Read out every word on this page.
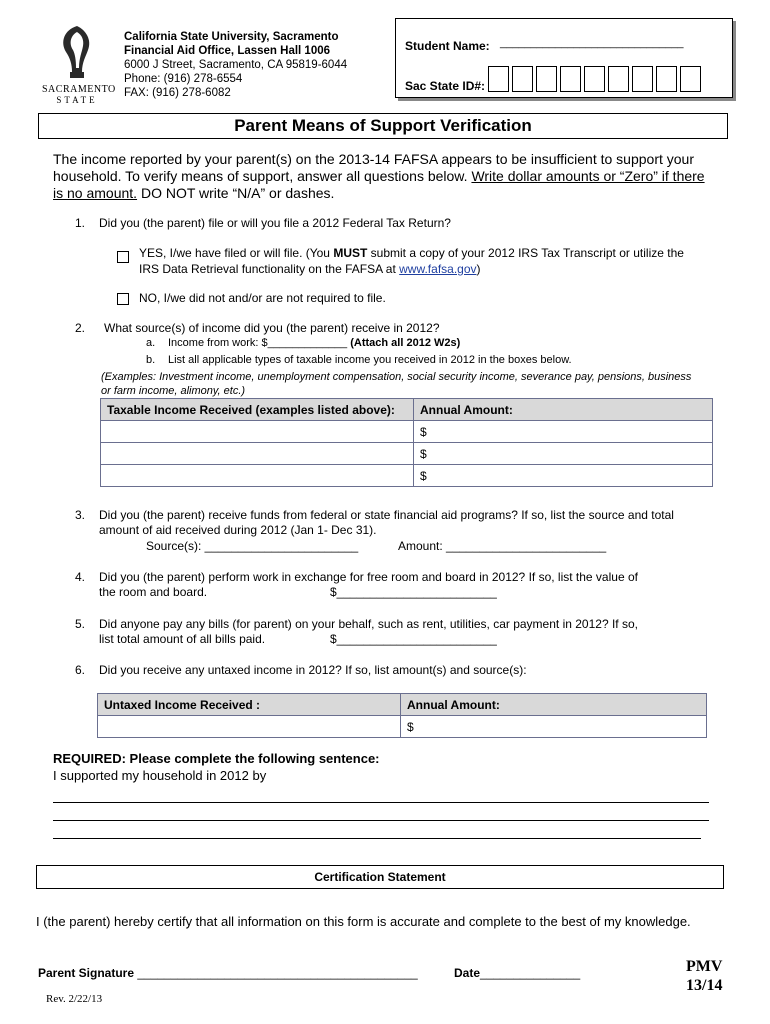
SACRAMENTO
STATE
California State University, Sacramento
Financial Aid Office, Lassen Hall 1006
6000 J Street, Sacramento, CA 95819-6044
Phone: (916) 278-6554
FAX: (916) 278-6082
Student Name: ______________________________
Sac State ID#:
Parent Means of Support Verification
The income reported by your parent(s) on the 2013-14 FAFSA appears to be insufficient to support your household. To verify means of support, answer all questions below. Write dollar amounts or “Zero” if there is no amount. DO NOT write “N/A” or dashes.
1. Did you (the parent) file or will you file a 2012 Federal Tax Return?
YES, I/we have filed or will file. (You MUST submit a copy of your 2012 IRS Tax Transcript or utilize the
IRS Data Retrieval functionality on the FAFSA at www.fafsa.gov)
NO, I/we did not and/or are not required to file.
2. What source(s) of income did you (the parent) receive in 2012?
a. Income from work: $_____________ (Attach all 2012 W2s)
b. List all applicable types of taxable income you received in 2012 in the boxes below.
(Examples: Investment income, unemployment compensation, social security income, severance pay, pensions, business or farm income, alimony, etc.)
Taxable Income Received (examples listed above):	Annual Amount:
	$
	$
	$
3. Did you (the parent) receive funds from federal or state financial aid programs? If so, list the source and total amount of aid received during 2012 (Jan 1- Dec 31).
Source(s): _______________________	Amount: ________________________
4. Did you (the parent) perform work in exchange for free room and board in 2012? If so, list the value of
the room and board.	$________________________
5. Did anyone pay any bills (for parent) on your behalf, such as rent, utilities, car payment in 2012? If so,
list total amount of all bills paid.	$________________________
6. Did you receive any untaxed income in 2012? If so, list amount(s) and source(s):
Untaxed Income Received :	Annual Amount:
	$
REQUIRED: Please complete the following sentence:
I supported my household in 2012 by
Certification Statement
I (the parent) hereby certify that all information on this form is accurate and complete to the best of my knowledge.
Parent Signature __________________________________________	Date_______________	PMV
13/14
Rev. 2/22/13
